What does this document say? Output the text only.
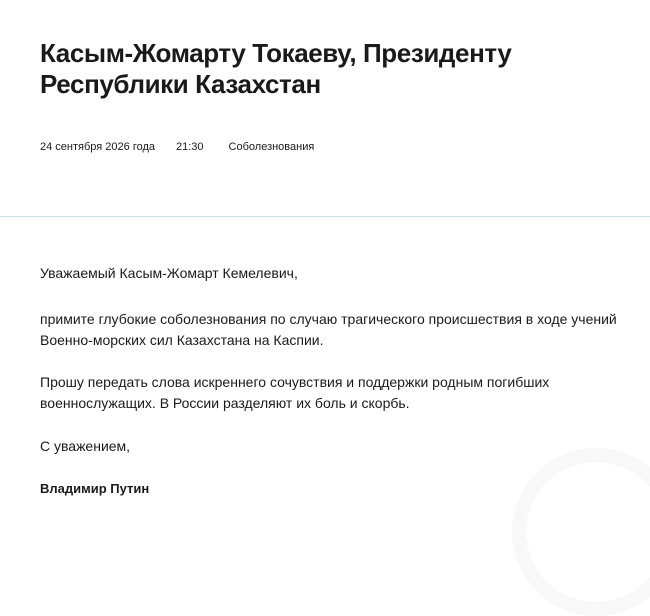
Касым-Жомарту Токаеву, Президенту Республики Казахстан
24 сентября 2026 года 21:30 Соболезнования

Уважаемый Касым-Жомарт Кемелевич,

примите глубокие соболезнования по случаю трагического происшествия в ходе учений Военно-морских сил Казахстана на Каспии.

Прошу передать слова искреннего сочувствия и поддержки родным погибших военнослужащих. В России разделяют их боль и скорбь.

С уважением,

Владимир Путин
